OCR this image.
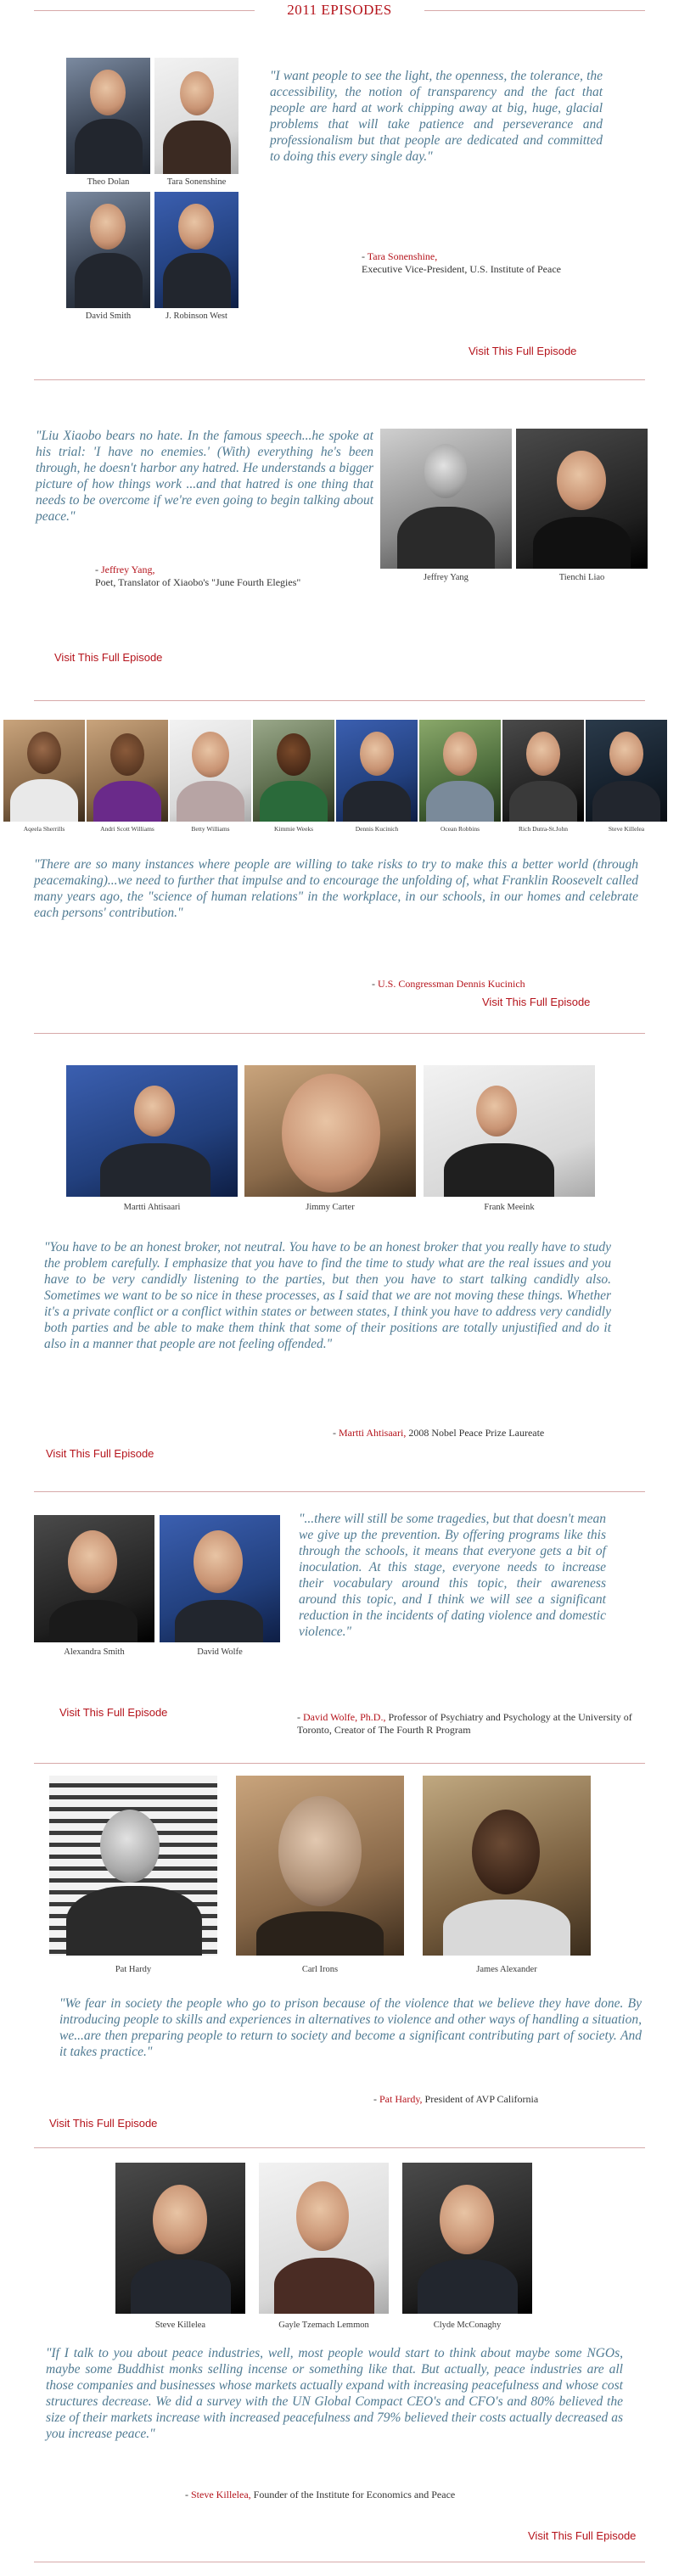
2011 EPISODES
Theo Dolan	Tara Sonenshine
David Smith	J. Robinson West
"I want people to see the light, the openness, the tolerance, the accessibility, the notion of transparency and the fact that people are hard at work chipping away at big, huge, glacial problems that will take patience and perseverance and professionalism but that people are dedicated and committed to doing this every single day."
- Tara Sonenshine,
Executive Vice-President, U.S. Institute of Peace
Visit This Full Episode
"Liu Xiaobo bears no hate. In the famous speech...he spoke at his trial: 'I have no enemies.' (With) everything he's been through, he doesn't harbor any hatred. He understands a bigger picture of how things work ...and that hatred is one thing that needs to be overcome if we're even going to begin talking about peace."
- Jeffrey Yang,
Poet, Translator of Xiaobo's "June Fourth Elegies"	Jeffrey Yang	Tienchi Liao
Visit This Full Episode
Aqeela Sherrills	Andri Scott Williams	Betty Williams	Kimmie Weeks	Dennis Kucinich	Ocean Robbins	Rich Dutra-St.John	Steve Killelea
"There are so many instances where people are willing to take risks to try to make this a better world (through peacemaking)...we need to further that impulse and to encourage the unfolding of, what Franklin Roosevelt called many years ago, the "science of human relations" in the workplace, in our schools, in our homes and celebrate each persons' contribution."
- U.S. Congressman Dennis Kucinich
Visit This Full Episode
Martti Ahtisaari	Jimmy Carter	Frank Meeink
"You have to be an honest broker, not neutral. You have to be an honest broker that you really have to study the problem carefully. I emphasize that you have to find the time to study what are the real issues and you have to be very candidly listening to the parties, but then you have to start talking candidly also. Sometimes we want to be so nice in these processes, as I said that we are not moving these things. Whether it's a private conflict or a conflict within states or between states, I think you have to address very candidly both parties and be able to make them think that some of their positions are totally unjustified and do it also in a manner that people are not feeling offended."
- Martti Ahtisaari, 2008 Nobel Peace Prize Laureate
Visit This Full Episode
Alexandra Smith	David Wolfe
"...there will still be some tragedies, but that doesn't mean we give up the prevention. By offering programs like this through the schools, it means that everyone gets a bit of inoculation. At this stage, everyone needs to increase their vocabulary around this topic, their awareness around this topic, and I think we will see a significant reduction in the incidents of dating violence and domestic violence."
- David Wolfe, Ph.D., Professor of Psychiatry and Psychology at the University of Toronto, Creator of The Fourth R Program
Visit This Full Episode
Pat Hardy	Carl Irons	James Alexander
"We fear in society the people who go to prison because of the violence that we believe they have done. By introducing people to skills and experiences in alternatives to violence and other ways of handling a situation, we...are then preparing people to return to society and become a significant contributing part of society. And it takes practice."
- Pat Hardy, President of AVP California
Visit This Full Episode
Steve Killelea	Gayle Tzemach Lemmon	Clyde McConaghy
"If I talk to you about peace industries, well, most people would start to think about maybe some NGOs, maybe some Buddhist monks selling incense or something like that. But actually, peace industries are all those companies and businesses whose markets actually expand with increasing peacefulness and whose cost structures decrease. We did a survey with the UN Global Compact CEO's and CFO's and 80% believed the size of their markets increase with increased peacefulness and 79% believed their costs actually decreased as you increase peace."
- Steve Killelea, Founder of the Institute for Economics and Peace
Visit This Full Episode
